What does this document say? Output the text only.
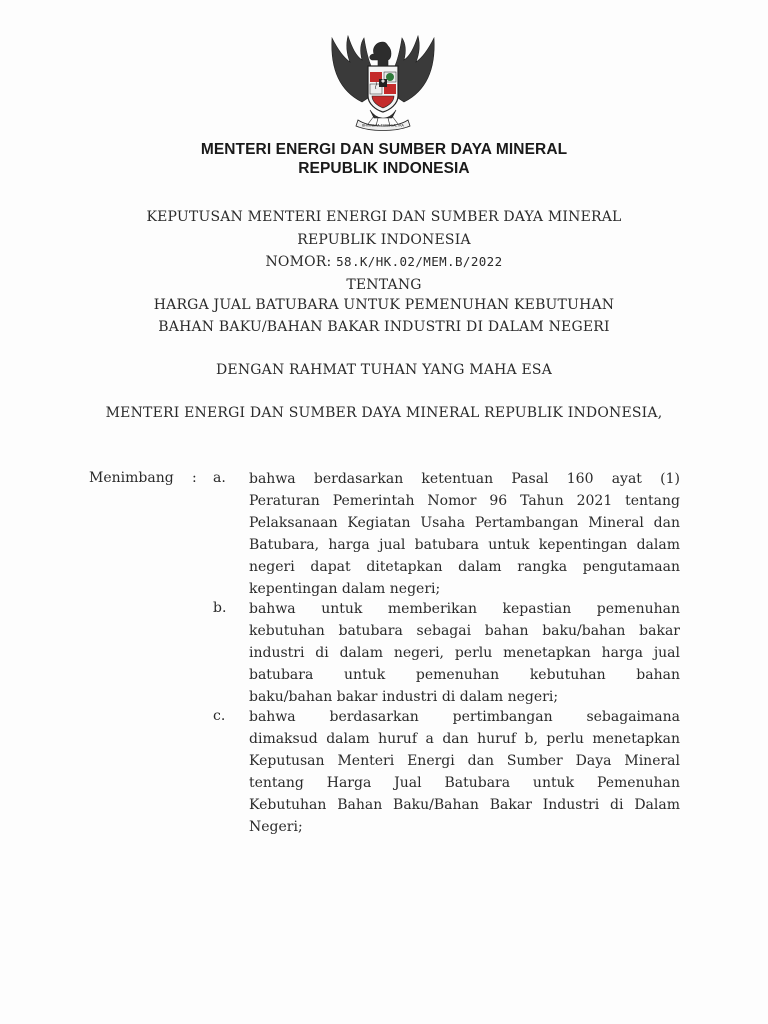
BHINNEKA TUNGGAL IKA
MENTERI ENERGI DAN SUMBER DAYA MINERAL
REPUBLIK INDONESIA
KEPUTUSAN MENTERI ENERGI DAN SUMBER DAYA MINERAL
REPUBLIK INDONESIA
NOMOR: 58.K/HK.02/MEM.B/2022
TENTANG
HARGA JUAL BATUBARA UNTUK PEMENUHAN KEBUTUHAN
BAHAN BAKU/BAHAN BAKAR INDUSTRI DI DALAM NEGERI
DENGAN RAHMAT TUHAN YANG MAHA ESA
MENTERI ENERGI DAN SUMBER DAYA MINERAL REPUBLIK INDONESIA,
Menimbang : a. bahwa berdasarkan ketentuan Pasal 160 ayat (1)
Peraturan Pemerintah Nomor 96 Tahun 2021 tentang
Pelaksanaan Kegiatan Usaha Pertambangan Mineral dan
Batubara, harga jual batubara untuk kepentingan dalam
negeri dapat ditetapkan dalam rangka pengutamaan
kepentingan dalam negeri;
b. bahwa untuk memberikan kepastian pemenuhan
kebutuhan batubara sebagai bahan baku/bahan bakar
industri di dalam negeri, perlu menetapkan harga jual
batubara untuk pemenuhan kebutuhan bahan
baku/bahan bakar industri di dalam negeri;
c. bahwa berdasarkan pertimbangan sebagaimana
dimaksud dalam huruf a dan huruf b, perlu menetapkan
Keputusan Menteri Energi dan Sumber Daya Mineral
tentang Harga Jual Batubara untuk Pemenuhan
Kebutuhan Bahan Baku/Bahan Bakar Industri di Dalam
Negeri;
